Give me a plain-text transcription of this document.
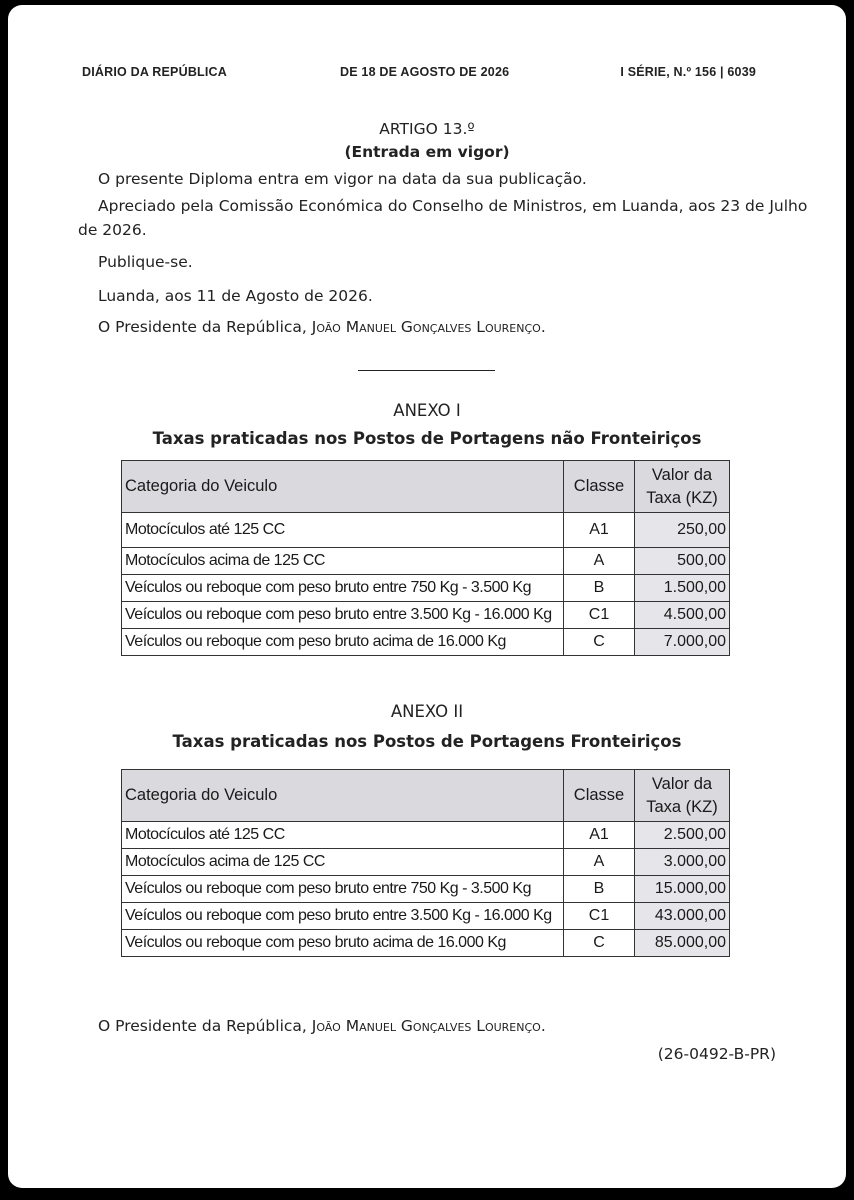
DIÁRIO DA REPÚBLICA	DE 18 DE AGOSTO DE 2026	I SÉRIE, N.º 156 | 6039
ARTIGO 13.º
(Entrada em vigor)
O presente Diploma entra em vigor na data da sua publicação.
Apreciado pela Comissão Económica do Conselho de Ministros, em Luanda, aos 23 de Julho
de 2026.
Publique-se.
Luanda, aos 11 de Agosto de 2026.
O Presidente da República, João Manuel Gonçalves Lourenço.
ANEXO I
Taxas praticadas nos Postos de Portagens não Fronteiriços
Categoria do Veiculo	Classe	Valor da
Taxa (KZ)
Motocículos até 125 CC	A1	250,00
Motocículos acima de 125 CC	A	500,00
Veículos ou reboque com peso bruto entre 750 Kg - 3.500 Kg	B	1.500,00
Veículos ou reboque com peso bruto entre 3.500 Kg - 16.000 Kg	C1	4.500,00
Veículos ou reboque com peso bruto acima de 16.000 Kg	C	7.000,00
ANEXO II
Taxas praticadas nos Postos de Portagens Fronteiriços
Categoria do Veiculo	Classe	Valor da
Taxa (KZ)
Motocículos até 125 CC	A1	2.500,00
Motocículos acima de 125 CC	A	3.000,00
Veículos ou reboque com peso bruto entre 750 Kg - 3.500 Kg	B	15.000,00
Veículos ou reboque com peso bruto entre 3.500 Kg - 16.000 Kg	C1	43.000,00
Veículos ou reboque com peso bruto acima de 16.000 Kg	C	85.000,00
O Presidente da República, João Manuel Gonçalves Lourenço.
(26-0492-B-PR)
